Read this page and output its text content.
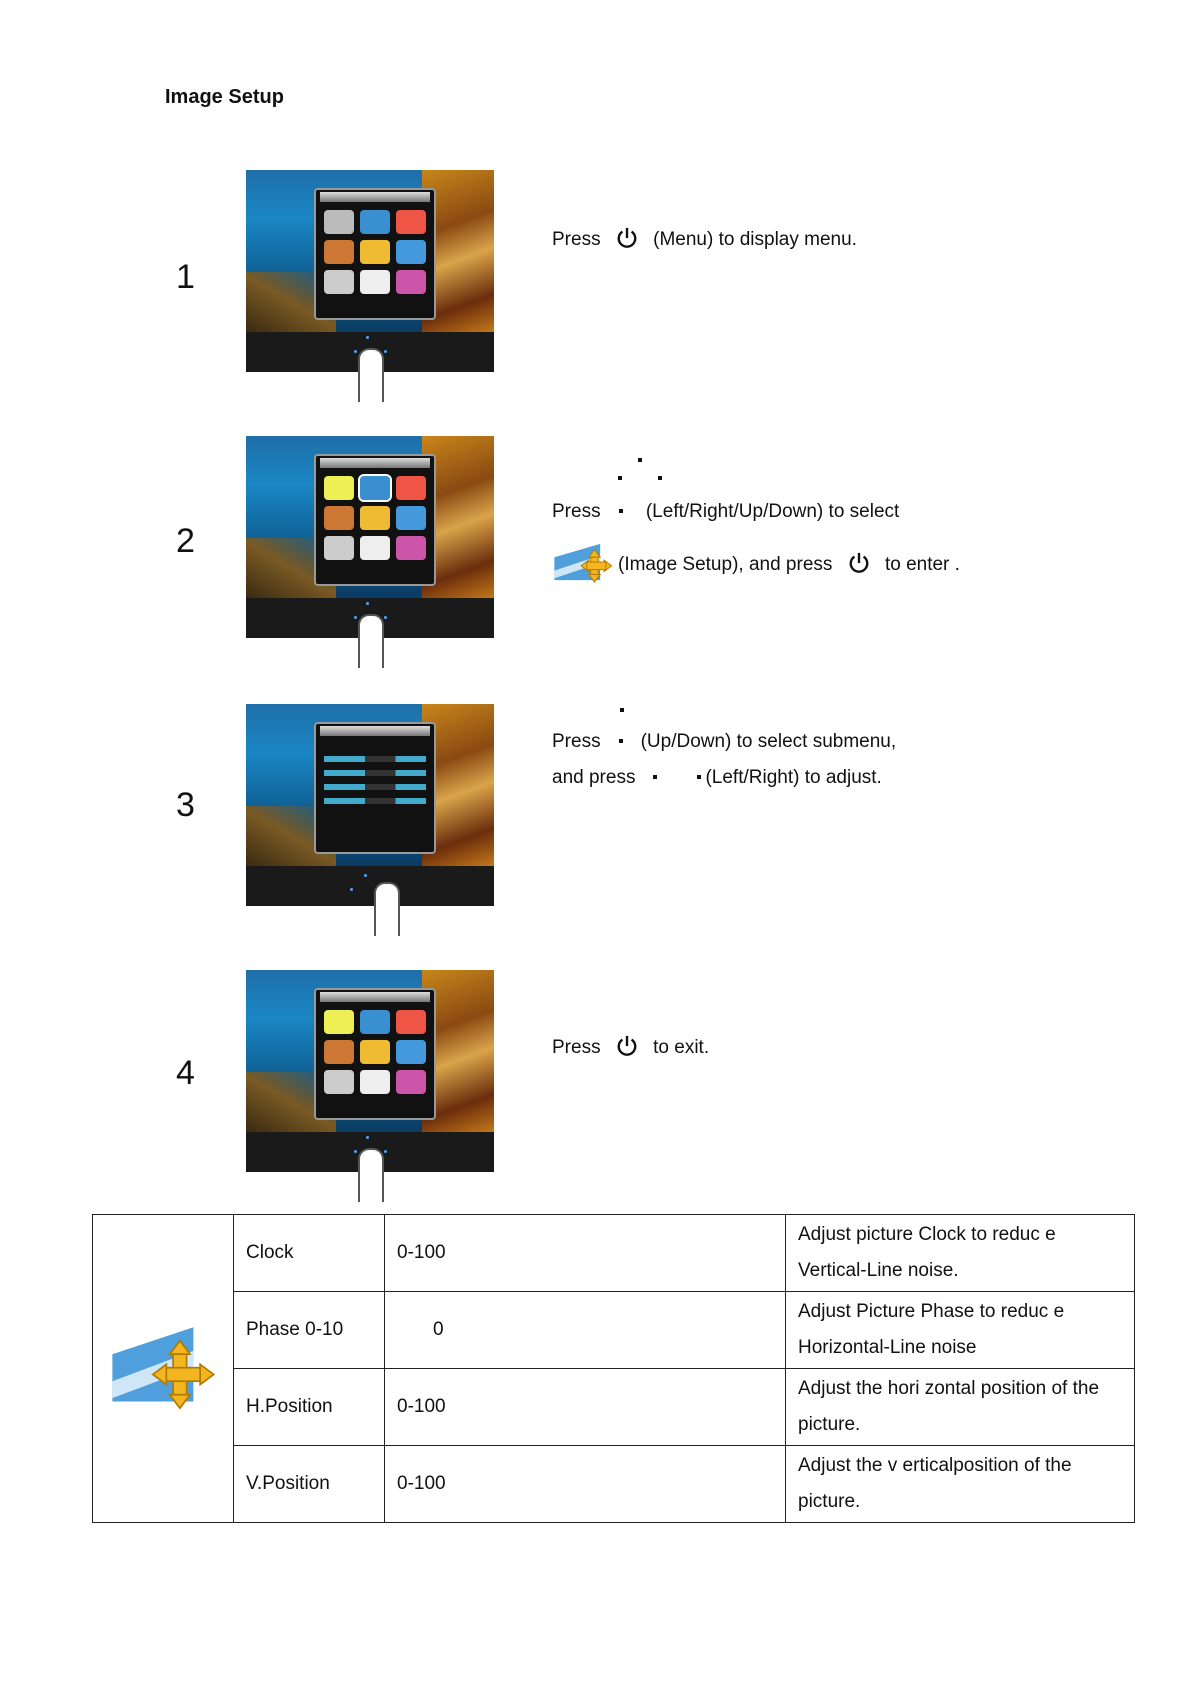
Image Setup
1
Press	(Menu) to display menu.
2
Press (Left/Right/Up/Down) to select
(Image Setup), and press	to enter .
3
Press (Up/Down) to select submenu,
and press	(Left/Right) to adjust.
4
Press	to exit.
	Clock	0-100	Adjust picture Clock to reduc e Vertical-Line noise.
	Phase 0-10	0	Adjust Picture Phase to reduc e Horizontal-Line noise
	H.Position	0-100	Adjust the hori zontal position of the picture.
	V.Position	0-100	Adjust the v erticalposition of the picture.
